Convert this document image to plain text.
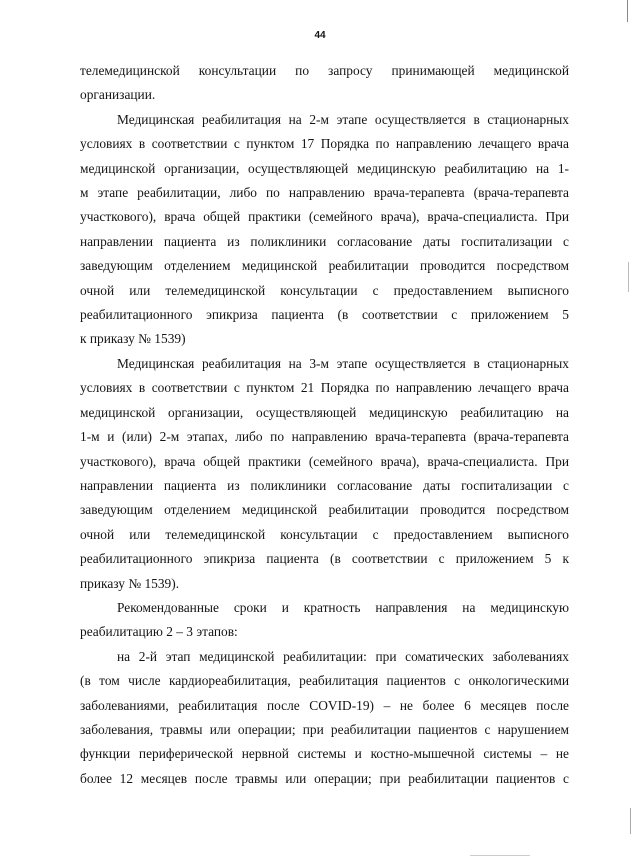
44

телемедицинской консультации по запросу принимающей медицинской

организации.

Медицинская реабилитация на 2-м этапе осуществляется в стационарных

условиях в соответствии с пунктом 17 Порядка по направлению лечащего врача

медицинской организации, осуществляющей медицинскую реабилитацию на 1-

м этапе реабилитации, либо по направлению врача-терапевта (врача-терапевта

участкового), врача общей практики (семейного врача), врача-специалиста. При

направлении пациента из поликлиники согласование даты госпитализации с

заведующим отделением медицинской реабилитации проводится посредством

очной или телемедицинской консультации с предоставлением выписного

реабилитационного эпикриза пациента (в соответствии с приложением 5

к приказу № 1539)

Медицинская реабилитация на 3-м этапе осуществляется в стационарных

условиях в соответствии с пунктом 21 Порядка по направлению лечащего врача

медицинской организации, осуществляющей медицинскую реабилитацию на

1-м и (или) 2-м этапах, либо по направлению врача-терапевта (врача-терапевта

участкового), врача общей практики (семейного врача), врача-специалиста. При

направлении пациента из поликлиники согласование даты госпитализации с

заведующим отделением медицинской реабилитации проводится посредством

очной или телемедицинской консультации с предоставлением выписного

реабилитационного эпикриза пациента (в соответствии с приложением 5 к

приказу № 1539).

Рекомендованные сроки и кратность направления на медицинскую

реабилитацию 2 – 3 этапов:

на 2-й этап медицинской реабилитации: при соматических заболеваниях

(в том числе кардиореабилитация, реабилитация пациентов с онкологическими

заболеваниями, реабилитация после COVID-19) – не более 6 месяцев после

заболевания, травмы или операции; при реабилитации пациентов с нарушением

функции периферической нервной системы и костно-мышечной системы – не

более 12 месяцев после травмы или операции; при реабилитации пациентов с
